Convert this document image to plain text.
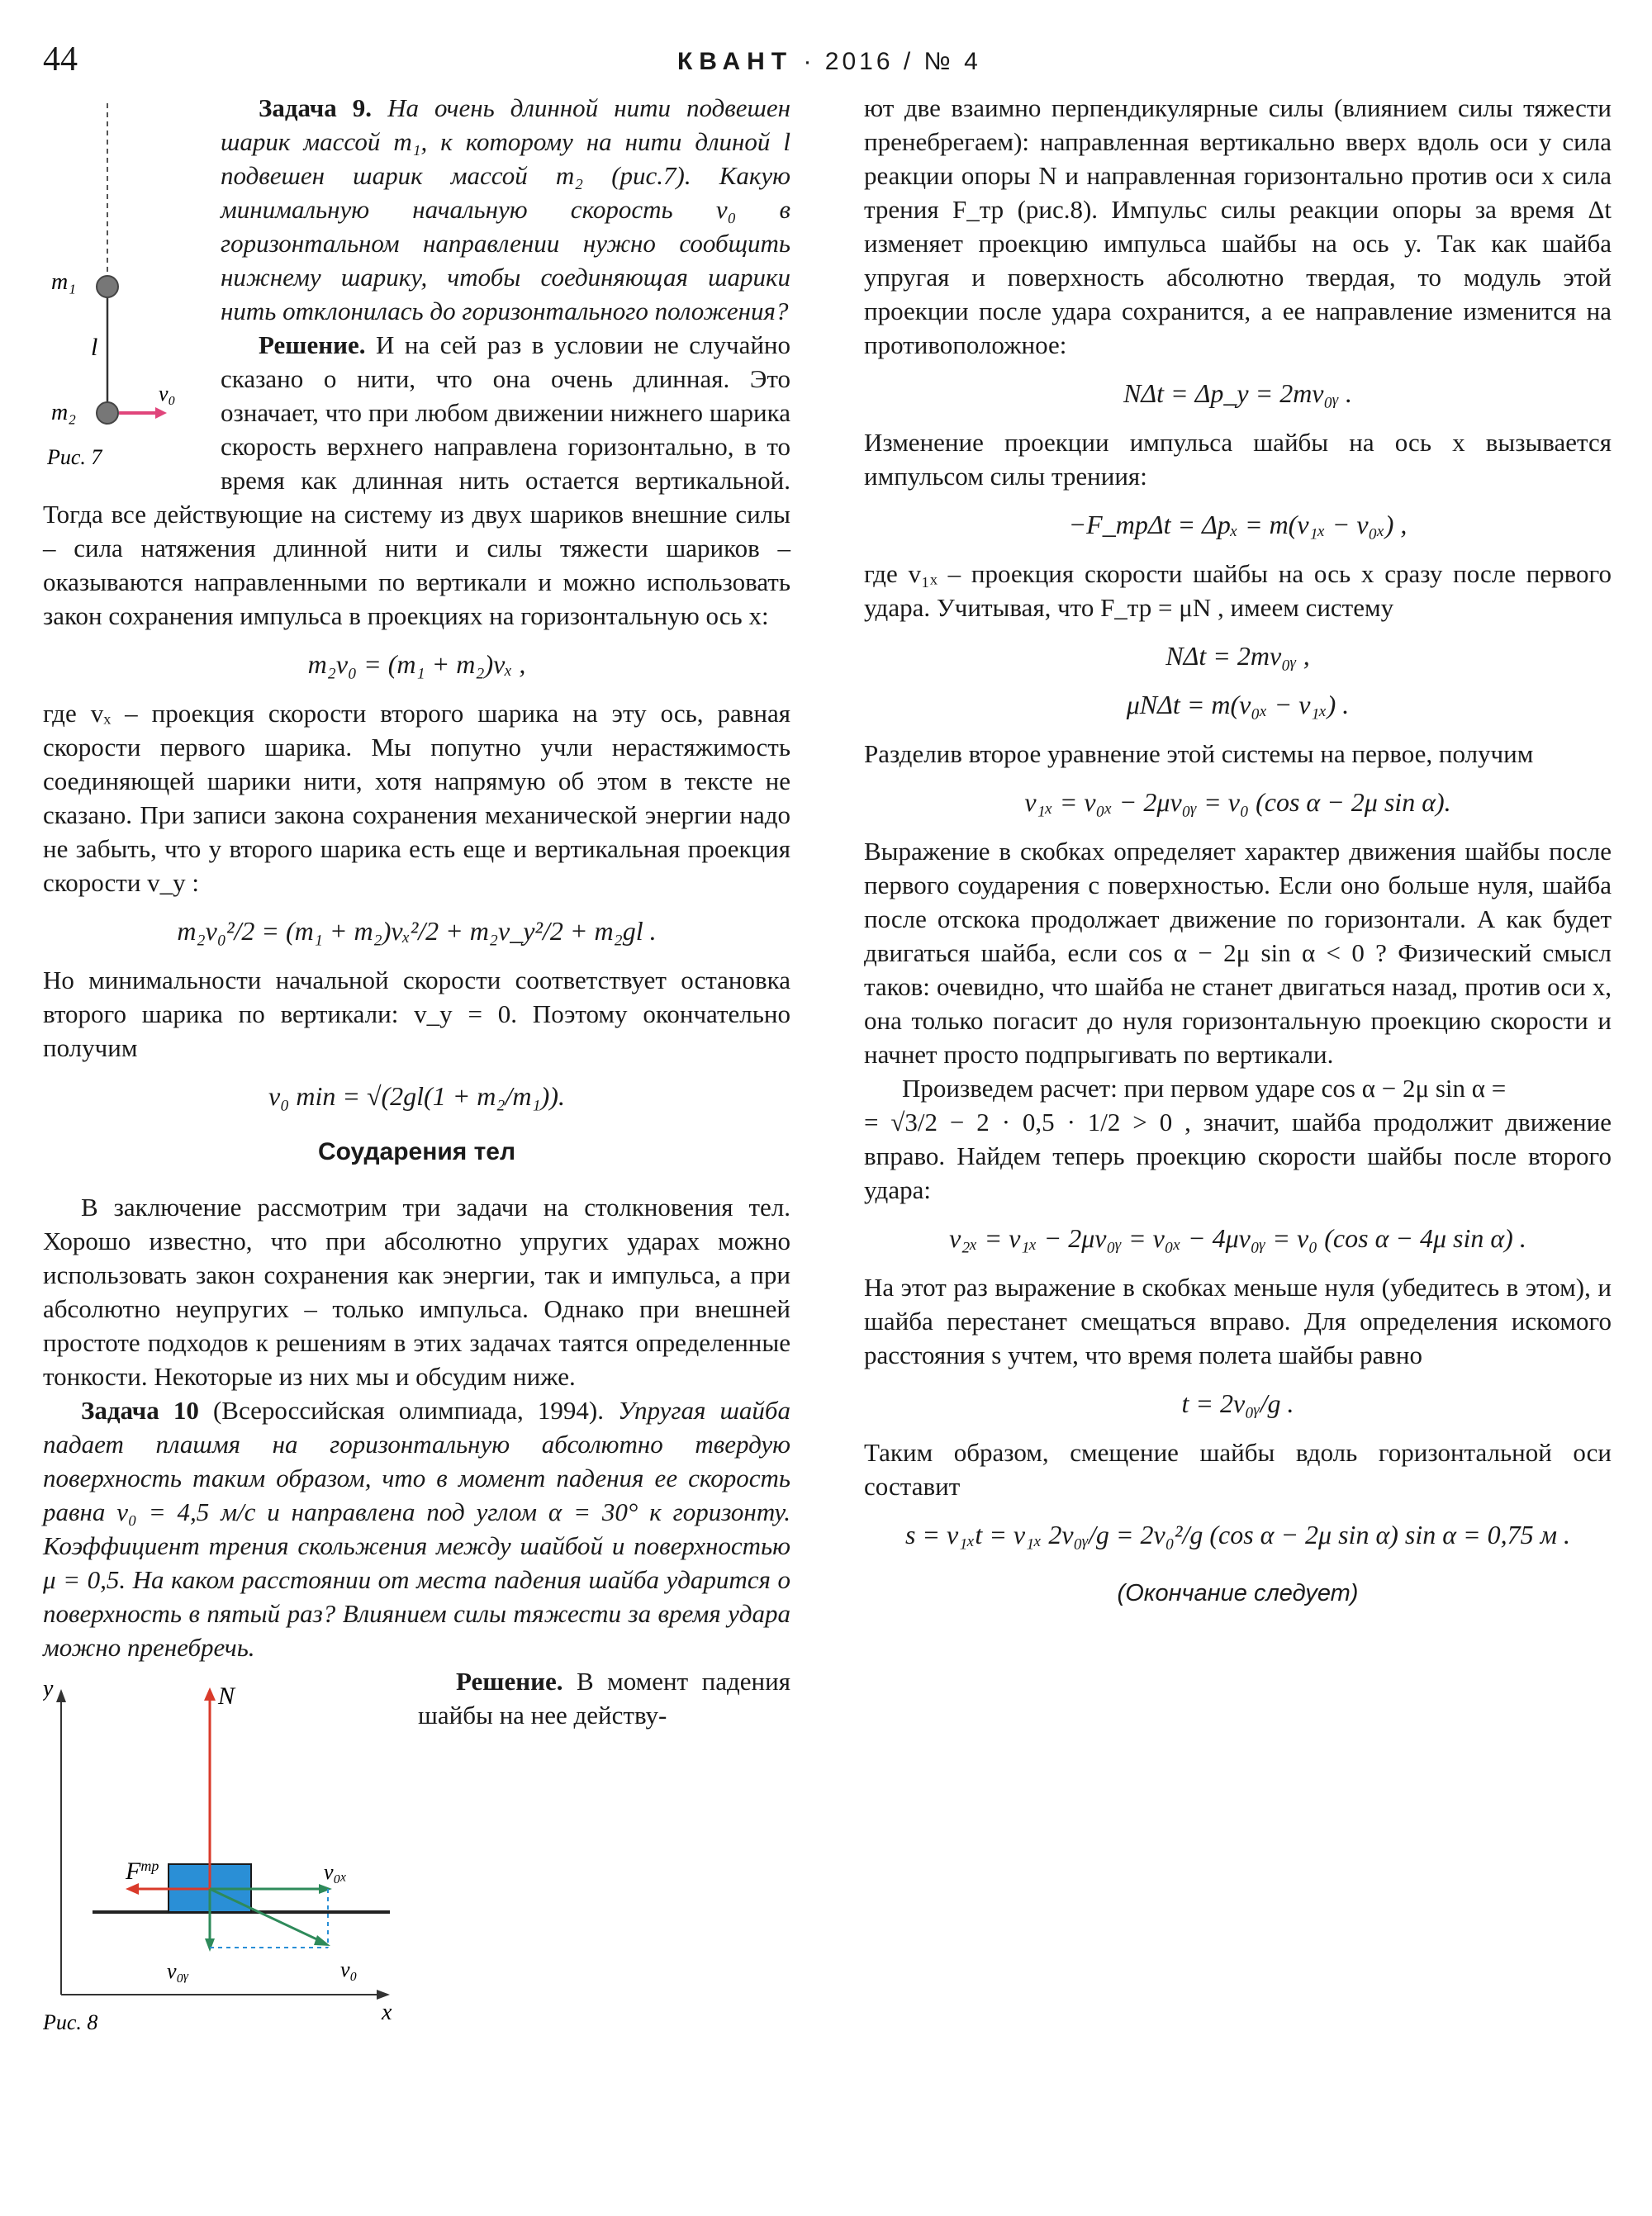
44	КВАНТ · 2016 / № 4
m₁
l
m₂
v₀
Рис. 7

Задача 9. На очень длинной нити подвешен шарик массой m₁, к которому на нити длиной l подвешен шарик массой m₂ (рис.7). Какую минимальную начальную скорость v₀ в горизонтальном направлении нужно сообщить нижнему шарику, чтобы соединяющая шарики нить отклонилась до горизонтального положения?

Решение. И на сей раз в условии не случайно сказано о нити, что она очень длинная. Это означает, что при любом движении нижнего шарика скорость верхнего направлена горизонтально, в то время как длинная нить остается вертикальной. Тогда все действующие на систему из двух шариков внешние силы – сила натяжения длинной нити и силы тяжести шариков – оказываются направленными по вертикали и можно использовать закон сохранения импульса в проекциях на горизонтальную ось x:

m₂v₀ = (m₁ + m₂)vₓ ,

где vₓ – проекция скорости второго шарика на эту ось, равная скорости первого шарика. Мы попутно учли нерастяжимость соединяющей шарики нити, хотя напрямую об этом в тексте не сказано. При записи закона сохранения механической энергии надо не забыть, что у второго шарика есть еще и вертикальная проекция скорости v_y :

m₂v₀²/2 = (m₁ + m₂)vₓ²/2 + m₂v_y²/2 + m₂gl .

Но минимальности начальной скорости соответствует остановка второго шарика по вертикали: v_y = 0. Поэтому окончательно получим

v₀ min = √(2gl(1 + m₂/m₁)).

Соударения тел

В заключение рассмотрим три задачи на столкновения тел. Хорошо известно, что при абсолютно упругих ударах можно использовать закон сохранения как энергии, так и импульса, а при абсолютно неупругих – только импульса. Однако при внешней простоте подходов к решениям в этих задачах таятся определенные тонкости. Некоторые из них мы и обсудим ниже.

Задача 10 (Всероссийская олимпиада, 1994). Упругая шайба падает плашмя на горизонтальную абсолютно твердую поверхность таким образом, что в момент падения ее скорость равна v₀ = 4,5 м/с и направлена под углом α = 30° к горизонту. Коэффициент трения скольжения между шайбой и поверхностью μ = 0,5. На каком расстоянии от места падения шайба ударится о поверхность в пятый раз? Влиянием силы тяжести за время удара можно пренебречь.

y
x
N
$F^{тр}$	v₀ₓ
v₀ᵧ	v₀
Рис. 8

Решение. В момент падения шайбы на нее действу-

ют две взаимно перпендикулярные силы (влиянием силы тяжести пренебрегаем): направленная вертикально вверх вдоль оси y сила реакции опоры N и направленная горизонтально против оси x сила трения F_тр (рис.8). Импульс силы реакции опоры за время Δt изменяет проекцию импульса шайбы на ось y. Так как шайба упругая и поверхность абсолютно твердая, то модуль этой проекции после удара сохранится, а ее направление изменится на противоположное:

NΔt = Δp_y = 2mv₀ᵧ .

Изменение проекции импульса шайбы на ось x вызывается импульсом силы трениия:

−F_трΔt = Δpₓ = m(v₁ₓ − v₀ₓ) ,

где v₁ₓ – проекция скорости шайбы на ось x сразу после первого удара. Учитывая, что F_тр = μN , имеем систему

NΔt = 2mv₀ᵧ ,

μNΔt = m(v₀ₓ − v₁ₓ) .

Разделив второе уравнение этой системы на первое, получим

v₁ₓ = v₀ₓ − 2μv₀ᵧ = v₀ (cos α − 2μ sin α).

Выражение в скобках определяет характер движения шайбы после первого соударения с поверхностью. Если оно больше нуля, шайба после отскока продолжает движение по горизонтали. А как будет двигаться шайба, если cos α − 2μ sin α < 0 ? Физический смысл таков: очевидно, что шайба не станет двигаться назад, против оси x, она только погасит до нуля горизонтальную проекцию скорости и начнет просто подпрыгивать по вертикали.

Произведем расчет: при первом ударе cos α − 2μ sin α =

= √3/2 − 2 · 0,5 · 1/2 > 0 , значит, шайба продолжит движение вправо. Найдем теперь проекцию скорости шайбы после второго удара:

v₂ₓ = v₁ₓ − 2μv₀ᵧ = v₀ₓ − 4μv₀ᵧ = v₀ (cos α − 4μ sin α) .

На этот раз выражение в скобках меньше нуля (убедитесь в этом), и шайба перестанет смещаться вправо. Для определения искомого расстояния s учтем, что время полета шайбы равно

t = 2v₀ᵧ/g .

Таким образом, смещение шайбы вдоль горизонтальной оси составит

s = v₁ₓt = v₁ₓ 2v₀ᵧ/g = 2v₀²/g (cos α − 2μ sin α) sin α = 0,75 м .

(Окончание следует)
